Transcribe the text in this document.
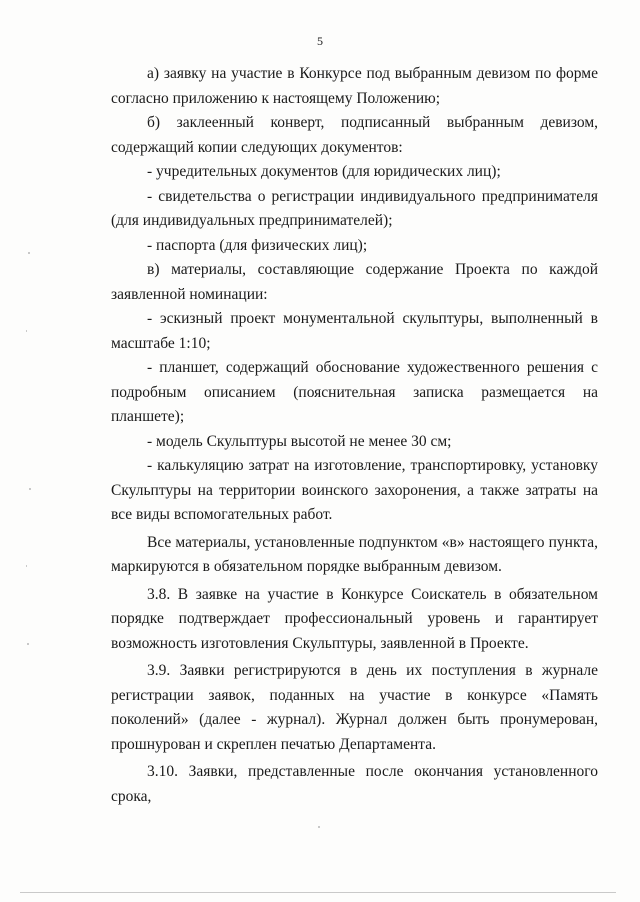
5

а) заявку на участие в Конкурсе под выбранным девизом по форме согласно приложению к настоящему Положению;

б) заклеенный конверт, подписанный выбранным девизом, содержащий копии следующих документов:

- учредительных документов (для юридических лиц);

- свидетельства о регистрации индивидуального предпринимателя (для индивидуальных предпринимателей);

- паспорта (для физических лиц);

в) материалы, составляющие содержание Проекта по каждой заявленной номинации:

- эскизный проект монументальной скульптуры, выполненный в масштабе 1:10;

- планшет, содержащий обоснование художественного решения с подробным описанием (пояснительная записка размещается на планшете);

- модель Скульптуры высотой не менее 30 см;

- калькуляцию затрат на изготовление, транспортировку, установку Скульптуры на территории воинского захоронения, а также затраты на все виды вспомогательных работ.

Все материалы, установленные подпунктом «в» настоящего пункта, маркируются в обязательном порядке выбранным девизом.

3.8. В заявке на участие в Конкурсе Соискатель в обязательном порядке подтверждает профессиональный уровень и гарантирует возможность изготовления Скульптуры, заявленной в Проекте.

3.9. Заявки регистрируются в день их поступления в журнале регистрации заявок, поданных на участие в конкурсе «Память поколений» (далее - журнал). Журнал должен быть пронумерован, прошнурован и скреплен печатью Департамента.

3.10. Заявки, представленные после окончания установленного срока,
